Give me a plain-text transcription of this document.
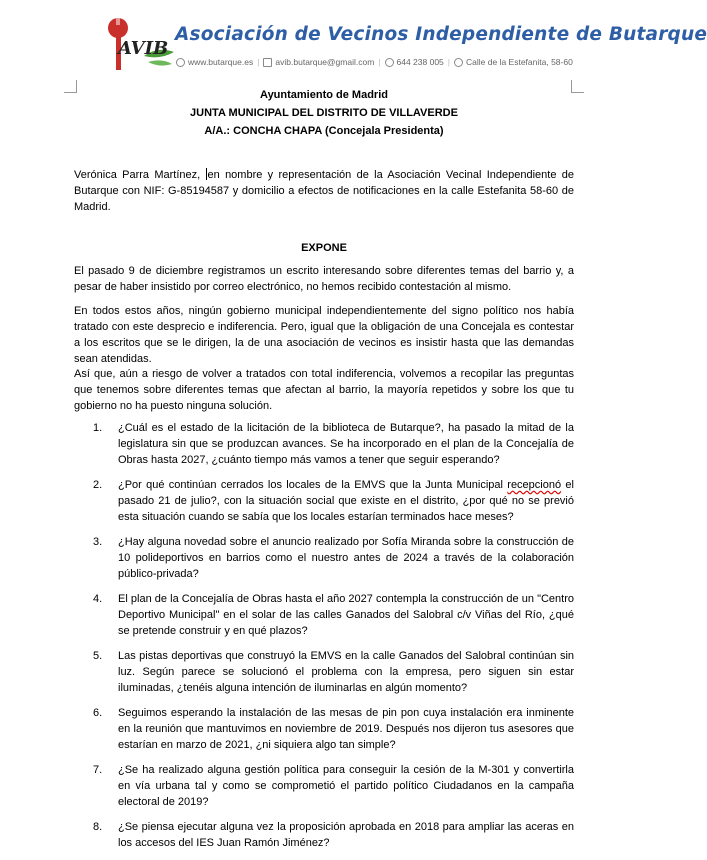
AVIB
Asociación de Vecinos Independiente de Butarque
www.butarque.es | avib.butarque@gmail.com | 644 238 005 | Calle de la Estefanita, 58-60
Ayuntamiento de Madrid
JUNTA MUNICIPAL DEL DISTRITO DE VILLAVERDE
A/A.: CONCHA CHAPA (Concejala Presidenta)
Verónica Parra Martínez, en nombre y representación de la Asociación Vecinal Independiente de Butarque con NIF: G-85194587 y domicilio a efectos de notificaciones en la calle Estefanita 58-60 de Madrid.
EXPONE
El pasado 9 de diciembre registramos un escrito interesando sobre diferentes temas del barrio y, a pesar de haber insistido por correo electrónico, no hemos recibido contestación al mismo.
En todos estos años, ningún gobierno municipal independientemente del signo político nos había tratado con este desprecio e indiferencia. Pero, igual que la obligación de una Concejala es contestar a los escritos que se le dirigen, la de una asociación de vecinos es insistir hasta que las demandas sean atendidas.
Así que, aún a riesgo de volver a tratados con total indiferencia, volvemos a recopilar las preguntas que tenemos sobre diferentes temas que afectan al barrio, la mayoría repetidos y sobre los que tu gobierno no ha puesto ninguna solución.
1. ¿Cuál es el estado de la licitación de la biblioteca de Butarque?, ha pasado la mitad de la legislatura sin que se produzcan avances. Se ha incorporado en el plan de la Concejalía de Obras hasta 2027, ¿cuánto tiempo más vamos a tener que seguir esperando?
2. ¿Por qué continúan cerrados los locales de la EMVS que la Junta Municipal recepcionó el pasado 21 de julio?, con la situación social que existe en el distrito, ¿por qué no se previó esta situación cuando se sabía que los locales estarían terminados hace meses?
3. ¿Hay alguna novedad sobre el anuncio realizado por Sofía Miranda sobre la construcción de 10 polideportivos en barrios como el nuestro antes de 2024 a través de la colaboración público-privada?
4. El plan de la Concejalía de Obras hasta el año 2027 contempla la construcción de un "Centro Deportivo Municipal" en el solar de las calles Ganados del Salobral c/v Viñas del Río, ¿qué se pretende construir y en qué plazos?
5. Las pistas deportivas que construyó la EMVS en la calle Ganados del Salobral continúan sin luz. Según parece se solucionó el problema con la empresa, pero siguen sin estar iluminadas, ¿tenéis alguna intención de iluminarlas en algún momento?
6. Seguimos esperando la instalación de las mesas de pin pon cuya instalación era inminente en la reunión que mantuvimos en noviembre de 2019. Después nos dijeron tus asesores que estarían en marzo de 2021, ¿ni siquiera algo tan simple?
7. ¿Se ha realizado alguna gestión política para conseguir la cesión de la M-301 y convertirla en vía urbana tal y como se comprometió el partido político Ciudadanos en la campaña electoral de 2019?
8. ¿Se piensa ejecutar alguna vez la proposición aprobada en 2018 para ampliar las aceras en los accesos del IES Juan Ramón Jiménez?
